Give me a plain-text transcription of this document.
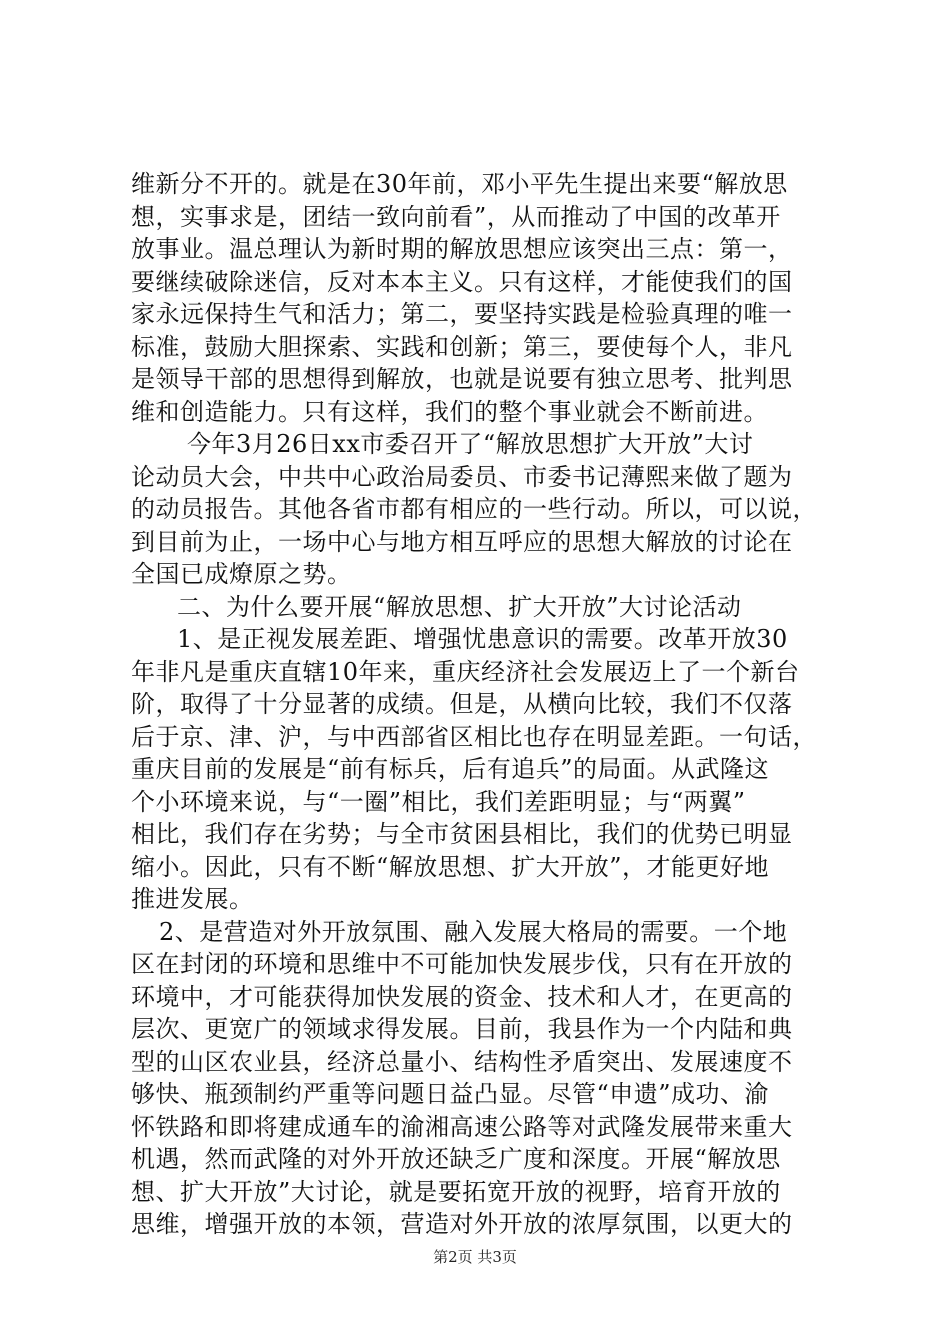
维新分不开的。就是在30年前，邓小平先生提出来要“解放思
想，实事求是，团结一致向前看”，从而推动了中国的改革开
放事业。温总理认为新时期的解放思想应该突出三点：第一，
要继续破除迷信，反对本本主义。只有这样，才能使我们的国
家永远保持生气和活力；第二，要坚持实践是检验真理的唯一
标准，鼓励大胆探索、实践和创新；第三，要使每个人，非凡
是领导干部的思想得到解放，也就是说要有独立思考、批判思
维和创造能力。只有这样，我们的整个事业就会不断前进。
今年3月26日xx市委召开了“解放思想扩大开放”大讨
论动员大会，中共中心政治局委员、市委书记薄熙来做了题为
的动员报告。其他各省市都有相应的一些行动。所以，可以说，
到目前为止，一场中心与地方相互呼应的思想大解放的讨论在
全国已成燎原之势。
二、为什么要开展“解放思想、扩大开放”大讨论活动
1、是正视发展差距、增强忧患意识的需要。改革开放30
年非凡是重庆直辖10年来，重庆经济社会发展迈上了一个新台
阶，取得了十分显著的成绩。但是，从横向比较，我们不仅落
后于京、津、沪，与中西部省区相比也存在明显差距。一句话，
重庆目前的发展是“前有标兵，后有追兵”的局面。从武隆这
个小环境来说，与“一圈”相比，我们差距明显；与“两翼”
相比，我们存在劣势；与全市贫困县相比，我们的优势已明显
缩小。因此，只有不断“解放思想、扩大开放”，才能更好地
推进发展。
2、是营造对外开放氛围、融入发展大格局的需要。一个地
区在封闭的环境和思维中不可能加快发展步伐，只有在开放的
环境中，才可能获得加快发展的资金、技术和人才，在更高的
层次、更宽广的领域求得发展。目前，我县作为一个内陆和典
型的山区农业县，经济总量小、结构性矛盾突出、发展速度不
够快、瓶颈制约严重等问题日益凸显。尽管“申遗”成功、渝
怀铁路和即将建成通车的渝湘高速公路等对武隆发展带来重大
机遇，然而武隆的对外开放还缺乏广度和深度。开展“解放思
想、扩大开放”大讨论，就是要拓宽开放的视野，培育开放的
思维，增强开放的本领，营造对外开放的浓厚氛围，以更大的
第2页 共3页
